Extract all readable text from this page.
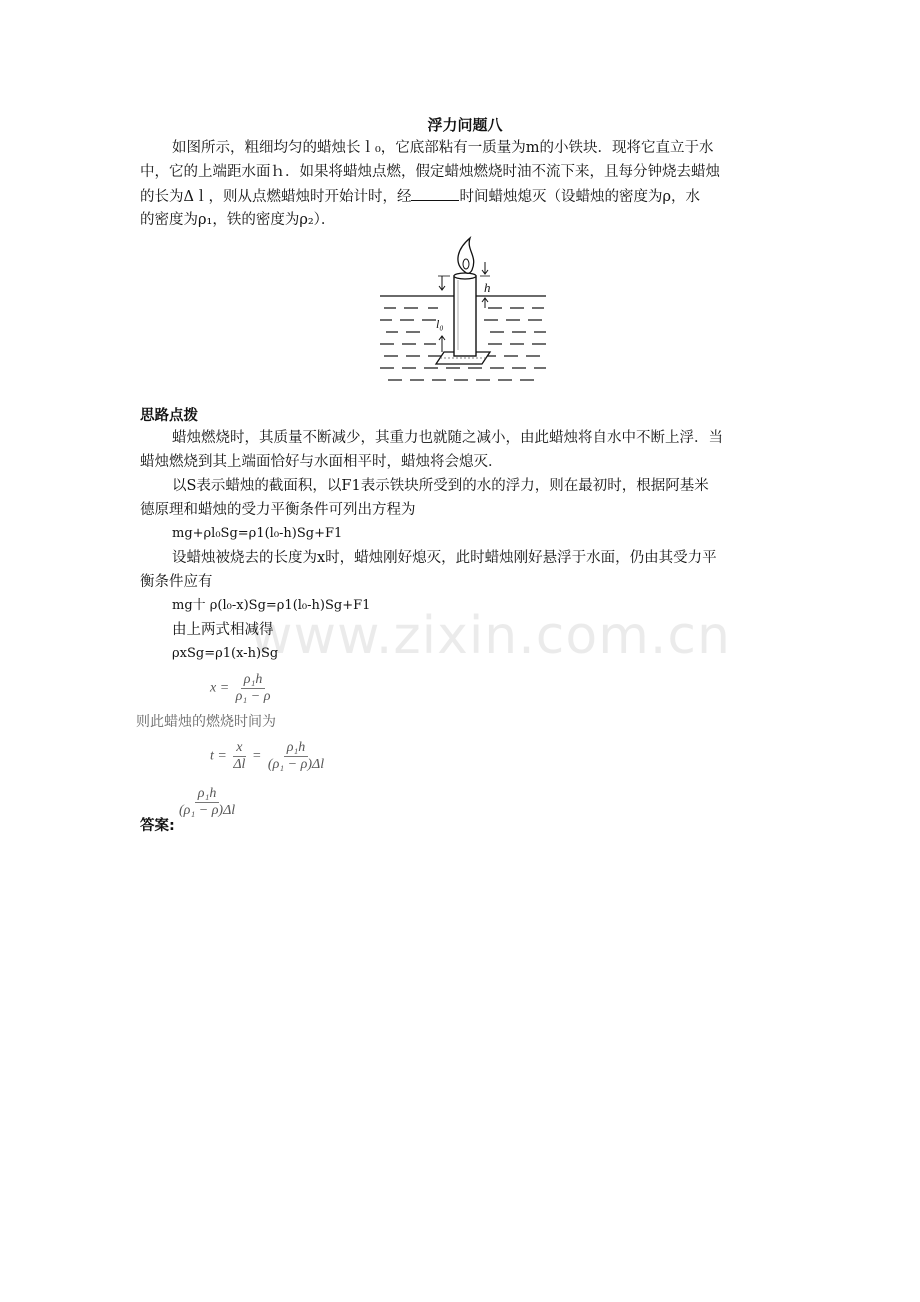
浮力问题八
如图所示，粗细均匀的蜡烛长ｌ₀，它底部粘有一质量为m的小铁块．现将它直立于水
中，它的上端距水面ｈ．如果将蜡烛点燃，假定蜡烛燃烧时油不流下来，且每分钟烧去蜡烛
的长为Δｌ，则从点燃蜡烛时开始计时，经	时间蜡烛熄灭（设蜡烛的密度为ρ，水
的密度为ρ₁，铁的密度为ρ₂）．
思路点拨
蜡烛燃烧时，其质量不断减少，其重力也就随之减小，由此蜡烛将自水中不断上浮．当
蜡烛燃烧到其上端面恰好与水面相平时，蜡烛将会熄灭．
以S表示蜡烛的截面积，以F1表示铁块所受到的水的浮力，则在最初时，根据阿基米
德原理和蜡烛的受力平衡条件可列出方程为
mg+ρl₀Sg=ρ1(l₀-h)Sg+F1
设蜡烛被烧去的长度为x时，蜡烛刚好熄灭，此时蜡烛刚好悬浮于水面，仍由其受力平
衡条件应有
mg十 ρ(l₀-x)Sg=ρ1(l₀-h)Sg+F1
由上两式相减得
ρxSg=ρ1(x-h)Sg
$x = \frac{\text{ρ₁h}}{\text{ρ₁ − ρ}}$
则此蜡烛的燃烧时间为
$t = \frac{x}{\Delta l} = \frac{\text{ρ₁h}}{\text{(ρ₁ − ρ)Δl}}$
答案:
$\frac{\text{ρ₁h}}{\text{(ρ₁ − ρ)Δl}}$
www.zixin.com.cn
h
l₀
